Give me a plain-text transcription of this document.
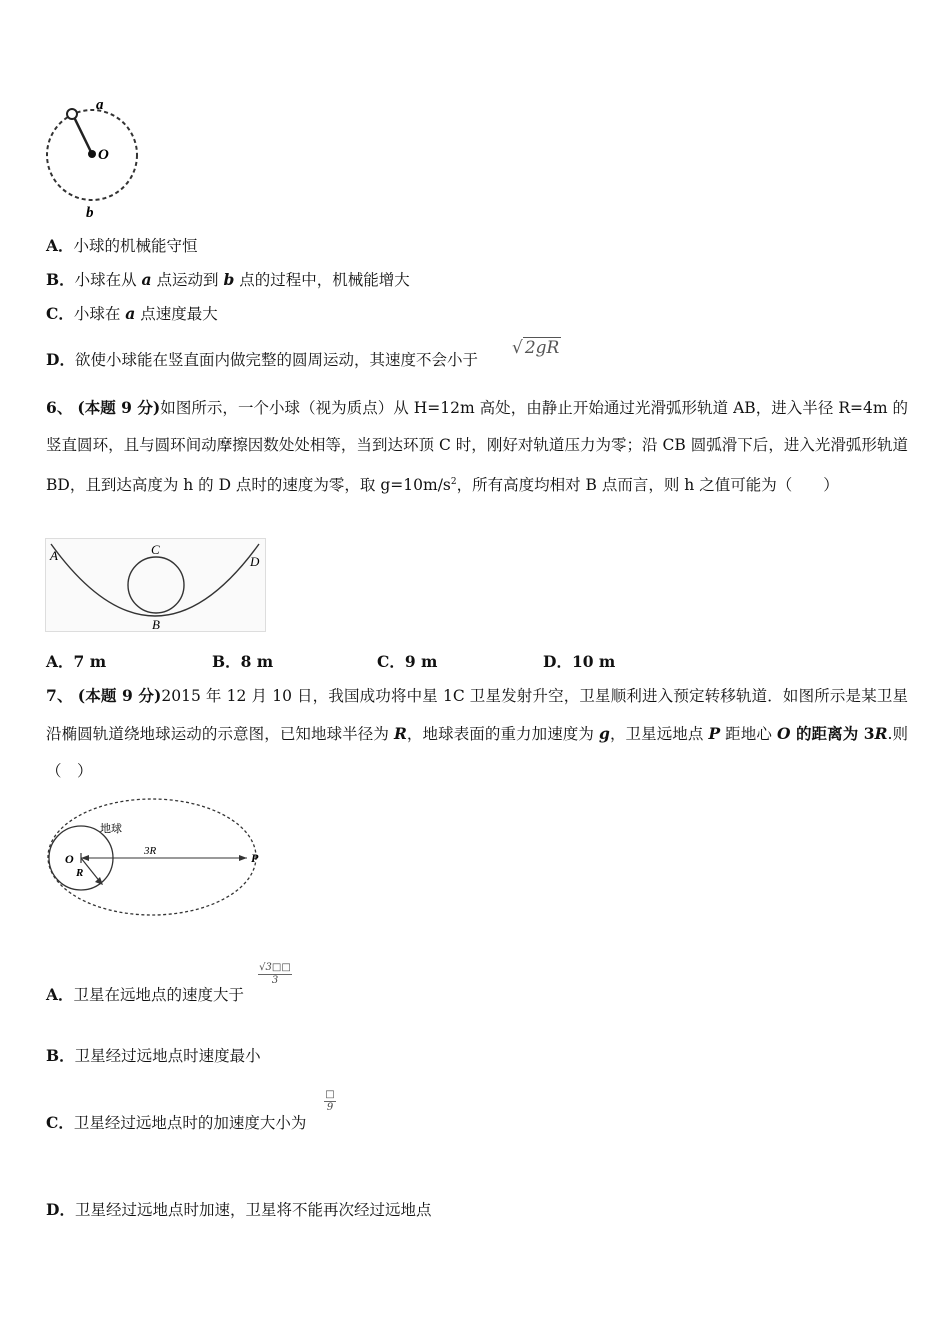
a
O
b
A．小球的机械能守恒
B．小球在从 a 点运动到 b 点的过程中，机械能增大
C．小球在 a 点速度最大
D．欲使小球能在竖直面内做完整的圆周运动，其速度不会小于
√ 2gR
6、 (本题 9 分)如图所示，一个小球（视为质点）从 H=12m 高处，由静止开始通过光滑弧形轨道 AB，进入半径 R=4m 的竖直圆环，且与圆环间动摩擦因数处处相等，当到达环顶 C 时，刚好对轨道压力为零；沿 CB 圆弧滑下后，进入光滑弧形轨道 BD，且到达高度为 h 的 D 点时的速度为零，取 $g=10m/s^2$，所有高度均相对 B 点而言，则 h 之值可能为（　　）
A	C
D
B
A．7 m	B．8 m	C．9 m	D．10 m
7、 (本题 9 分)2015 年 12 月 10 日，我国成功将中星 1C 卫星发射升空，卫星顺利进入预定转移轨道．如图所示是某卫星沿椭圆轨道绕地球运动的示意图，已知地球半径为 R，地球表面的重力加速度为 g，卫星远地点 P 距地心 O 的距离为 3R.则（　）
地球
O
R
3R	P
A．卫星在远地点的速度大于
$\frac{√3□□}{3}$
B．卫星经过远地点时速度最小
C．卫星经过远地点时的加速度大小为
□
9
D．卫星经过远地点时加速，卫星将不能再次经过远地点
